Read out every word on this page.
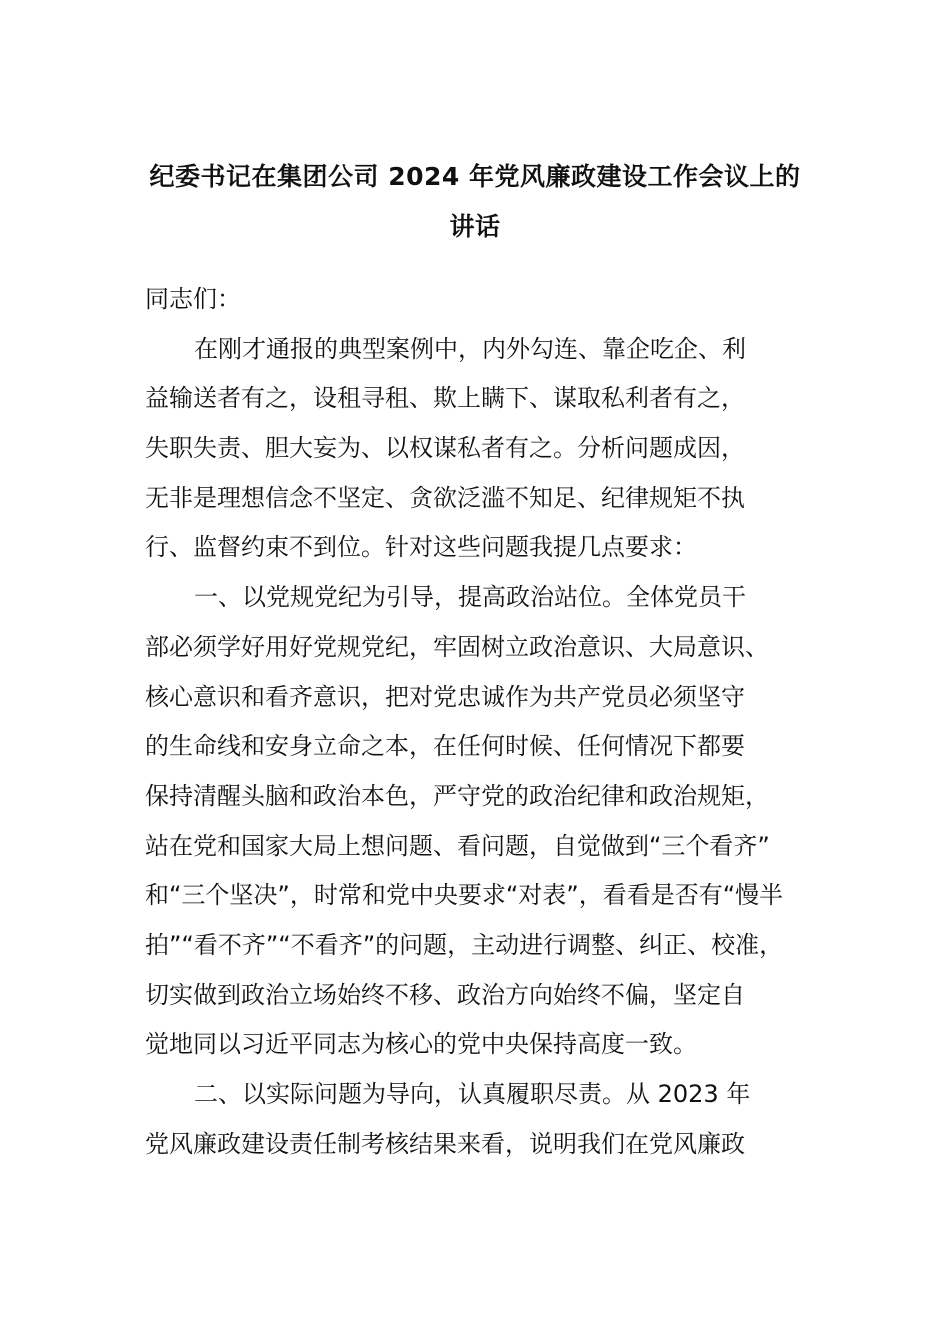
纪委书记在集团公司 2024 年党风廉政建设工作会议上的
讲话
同志们：
在刚才通报的典型案例中，内外勾连、靠企吃企、利
益输送者有之，设租寻租、欺上瞒下、谋取私利者有之，
失职失责、胆大妄为、以权谋私者有之。分析问题成因，
无非是理想信念不坚定、贪欲泛滥不知足、纪律规矩不执
行、监督约束不到位。针对这些问题我提几点要求：
一、以党规党纪为引导，提高政治站位。全体党员干
部必须学好用好党规党纪，牢固树立政治意识、大局意识、
核心意识和看齐意识，把对党忠诚作为共产党员必须坚守
的生命线和安身立命之本，在任何时候、任何情况下都要
保持清醒头脑和政治本色，严守党的政治纪律和政治规矩，
站在党和国家大局上想问题、看问题，自觉做到“三个看齐”
和“三个坚决”，时常和党中央要求“对表”，看看是否有“慢半
拍”“看不齐”“不看齐”的问题，主动进行调整、纠正、校准，
切实做到政治立场始终不移、政治方向始终不偏，坚定自
觉地同以习近平同志为核心的党中央保持高度一致。
二、以实际问题为导向，认真履职尽责。从 2023 年
党风廉政建设责任制考核结果来看，说明我们在党风廉政
